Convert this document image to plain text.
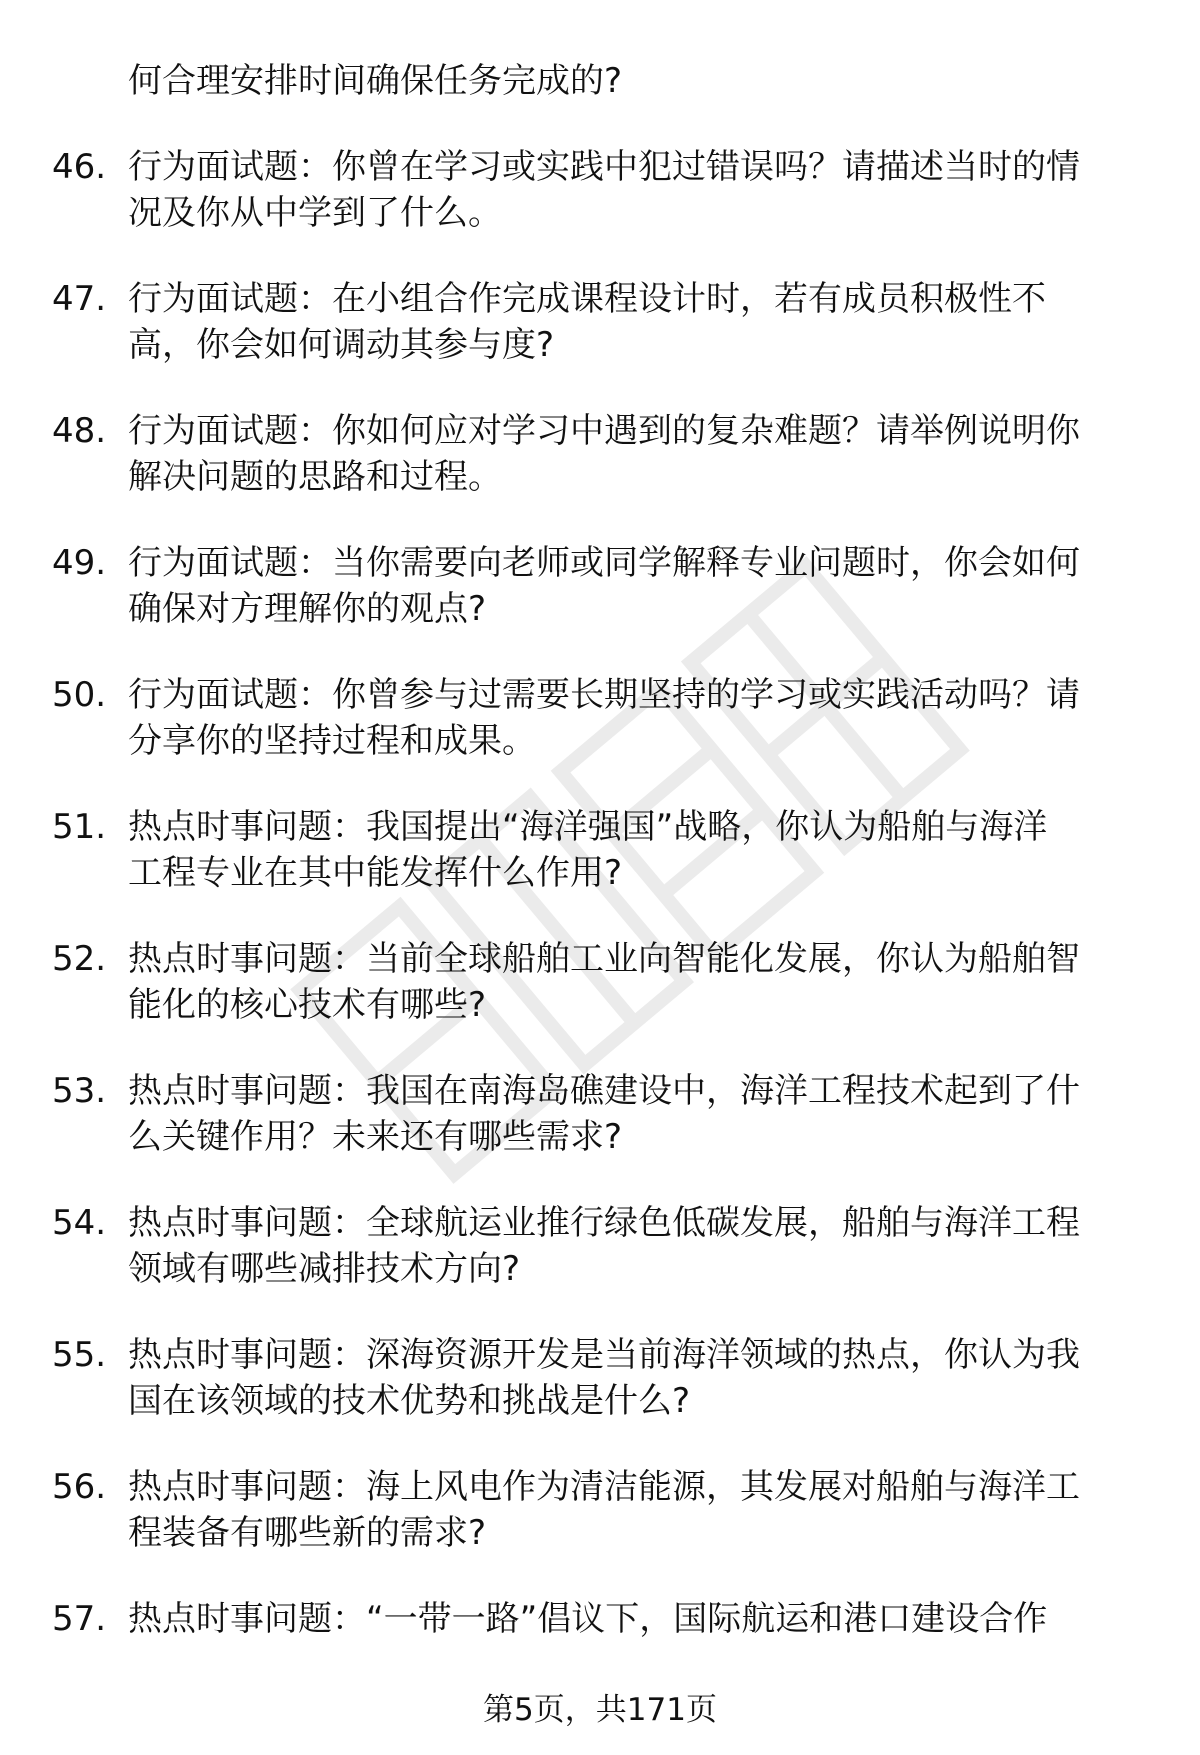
何合理安排时间确保任务完成的?
46. 行为面试题：你曾在学习或实践中犯过错误吗？请描述当时的情
况及你从中学到了什么。
47. 行为面试题：在小组合作完成课程设计时，若有成员积极性不
高，你会如何调动其参与度?
48. 行为面试题：你如何应对学习中遇到的复杂难题？请举例说明你
解决问题的思路和过程。
49. 行为面试题：当你需要向老师或同学解释专业问题时，你会如何
确保对方理解你的观点?
50. 行为面试题：你曾参与过需要长期坚持的学习或实践活动吗？请
分享你的坚持过程和成果。
51. 热点时事问题：我国提出“海洋强国”战略，你认为船舶与海洋
工程专业在其中能发挥什么作用?
52. 热点时事问题：当前全球船舶工业向智能化发展，你认为船舶智
能化的核心技术有哪些?
53. 热点时事问题：我国在南海岛礁建设中，海洋工程技术起到了什
么关键作用？未来还有哪些需求?
54. 热点时事问题：全球航运业推行绿色低碳发展，船舶与海洋工程
领域有哪些减排技术方向?
55. 热点时事问题：深海资源开发是当前海洋领域的热点，你认为我
国在该领域的技术优势和挑战是什么?
56. 热点时事问题：海上风电作为清洁能源，其发展对船舶与海洋工
程装备有哪些新的需求?
57. 热点时事问题：“一带一路”倡议下，国际航运和港口建设合作
第5页，共171页
